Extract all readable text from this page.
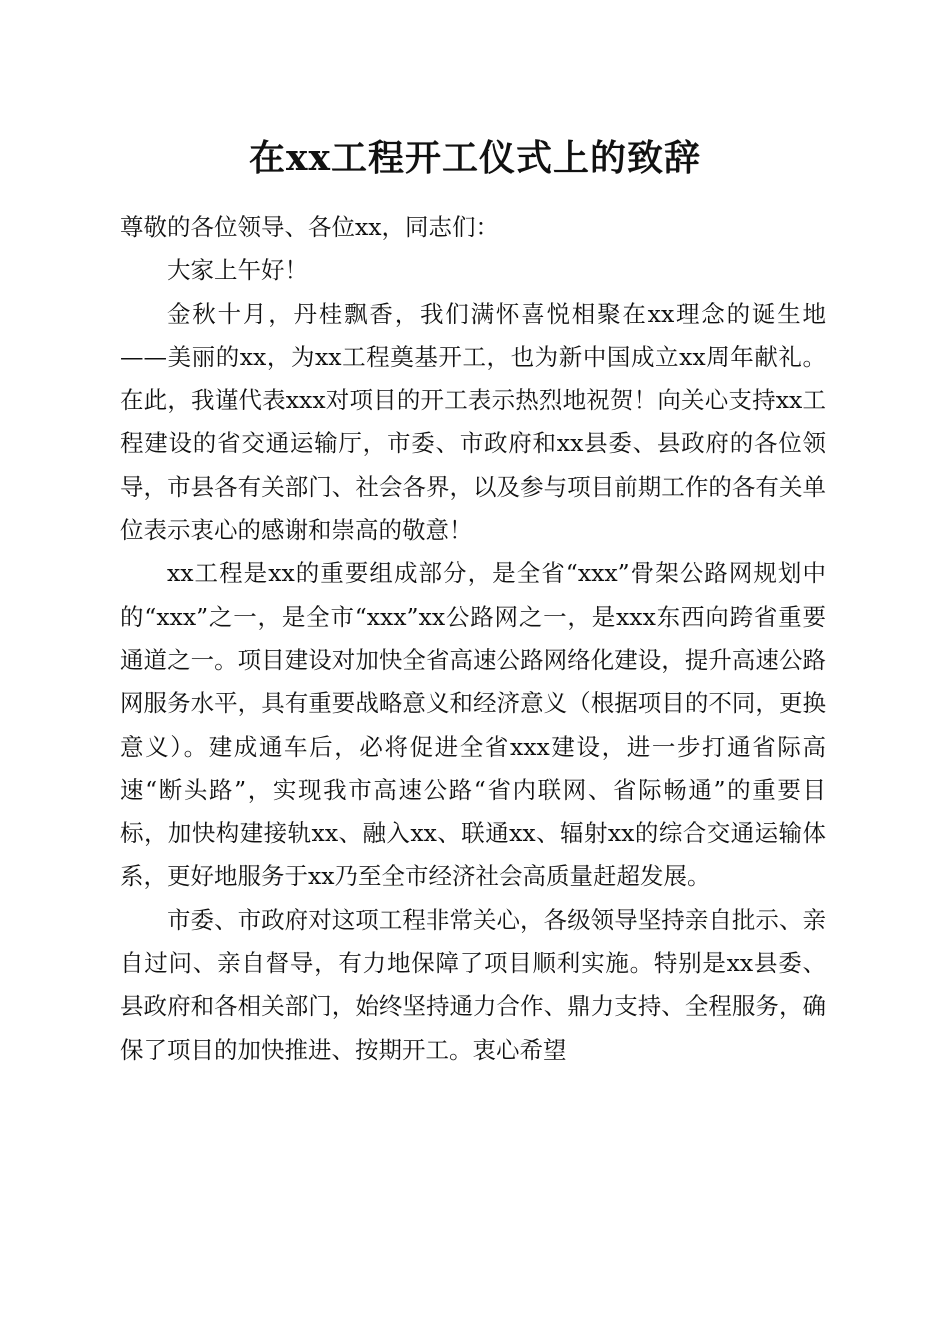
在xx工程开工仪式上的致辞

尊敬的各位领导、各位xx，同志们：

大家上午好！

金秋十月，丹桂飘香，我们满怀喜悦相聚在xx理念的诞生地——美丽的xx，为xx工程奠基开工，也为新中国成立xx周年献礼。在此，我谨代表xxx对项目的开工表示热烈地祝贺！向关心支持xx工程建设的省交通运输厅，市委、市政府和xx县委、县政府的各位领导，市县各有关部门、社会各界，以及参与项目前期工作的各有关单位表示衷心的感谢和崇高的敬意！

xx工程是xx的重要组成部分，是全省“xxx”骨架公路网规划中的“xxx”之一，是全市“xxx”xx公路网之一，是xxx东西向跨省重要通道之一。项目建设对加快全省高速公路网络化建设，提升高速公路网服务水平，具有重要战略意义和经济意义（根据项目的不同，更换意义）。建成通车后，必将促进全省xxx建设，进一步打通省际高速“断头路”，实现我市高速公路“省内联网、省际畅通”的重要目标，加快构建接轨xx、融入xx、联通xx、辐射xx的综合交通运输体系，更好地服务于xx乃至全市经济社会高质量赶超发展。

市委、市政府对这项工程非常关心，各级领导坚持亲自批示、亲自过问、亲自督导，有力地保障了项目顺利实施。特别是xx县委、县政府和各相关部门，始终坚持通力合作、鼎力支持、全程服务，确保了项目的加快推进、按期开工。衷心希望
